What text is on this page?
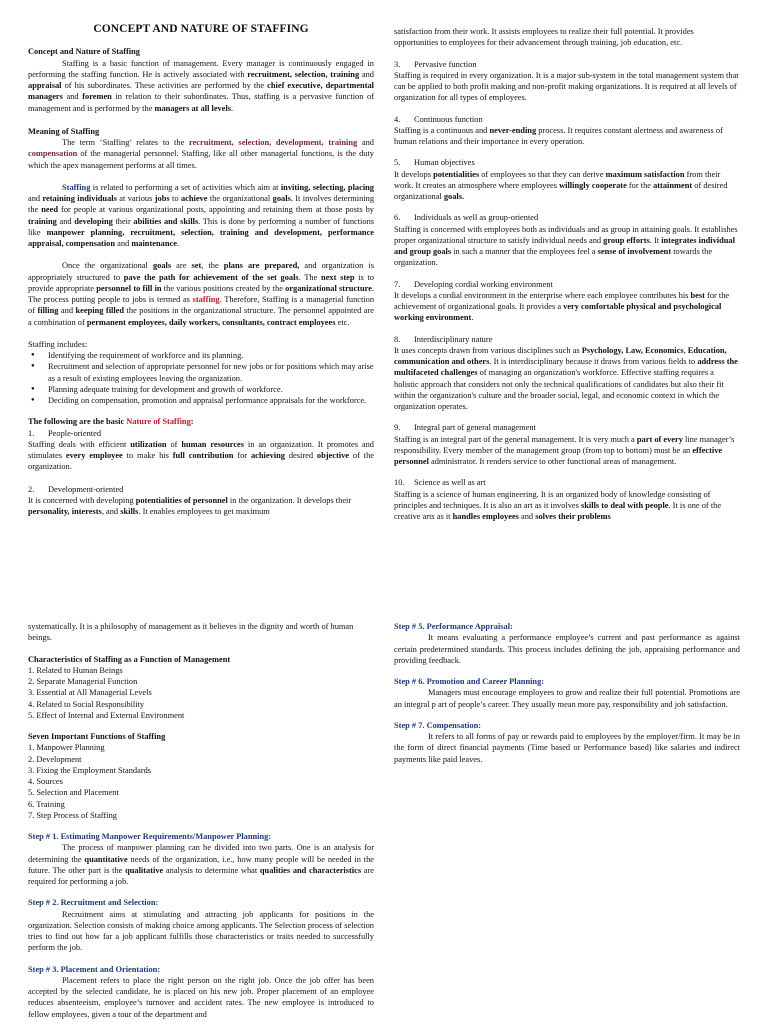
CONCEPT AND NATURE OF STAFFING

Concept and Nature of Staffing

Staffing is a basic function of management. Every manager is continuously engaged in performing the staffing function. He is actively associated with recruitment, selection, training and appraisal of his subordinates. These activities are performed by the chief executive, departmental managers and foremen in relation to their subordinates. Thus, staffing is a pervasive function of management and is performed by the managers at all levels.

Meaning of Staffing

The term ‘Staffing’ relates to the recruitment, selection, development, training and compensation of the managerial personnel. Staffing, like all other managerial functions, is the duty which the apex management performs at all times.

Staffing is related to performing a set of activities which aim at inviting, selecting, placing and retaining individuals at various jobs to achieve the organizational goals. It involves determining the need for people at various organizational posts, appointing and retaining them at those posts by training and developing their abilities and skills. This is done by performing a number of functions like manpower planning, recruitment, selection, training and development, performance appraisal, compensation and maintenance.

Once the organizational goals are set, the plans are prepared, and organization is appropriately structured to pave the path for achievement of the set goals. The next step is to provide appropriate personnel to fill in the various positions created by the organizational structure. The process putting people to jobs is termed as staffing. Therefore, Staffing is a managerial function of filling and keeping filled the positions in the organizational structure. The personnel appointed are a combination of permanent employees, daily workers, consultants, contract employees etc.

Staffing includes:

● Identifying the requirement of workforce and its planning.
● Recruitment and selection of appropriate personnel for new jobs or for positions which may arise as a result of existing employees leaving the organization.
● Planning adequate training for development and growth of workforce.
● Deciding on compensation, promotion and appraisal performance appraisals for the workforce.

The following are the basic Nature of Staffing:

1. People-oriented

Staffing deals with efficient utilization of human resources in an organization. It promotes and stimulates every employee to make his full contribution for achieving desired objective of the organization.

2. Development-oriented

It is concerned with developing potentialities of personnel in the organization. It develops their personality, interests, and skills. It enables employees to get maximum

satisfaction from their work. It assists employees to realize their full potential. It provides opportunities to employees for their advancement through training, job education, etc.

3. Pervasive function

Staffing is required in every organization. It is a major sub-system in the total management system that can be applied to both profit making and non-profit making organizations. It is required at all levels of organization for all types of employees.

4. Continuous function

Staffing is a continuous and never-ending process. It requires constant alertness and awareness of human relations and their importance in every operation.

5. Human objectives

It develops potentialities of employees so that they can derive maximum satisfaction from their work. It creates an atmosphere where employees willingly cooperate for the attainment of desired organizational goals.

6. Individuals as well as group-oriented

Staffing is concerned with employees both as individuals and as group in attaining goals. It establishes proper organizational structure to satisfy individual needs and group efforts. It integrates individual and group goals in such a manner that the employees feel a sense of involvement towards the organization.

7. Developing cordial working environment

It develops a cordial environment in the enterprise where each employee contributes his best for the achievement of organizational goals. It provides a very comfortable physical and psychological working environment.

8. Interdisciplinary nature

It uses concepts drawn from various disciplines such as Psychology, Law, Economics, Education, communication and others. It is interdisciplinary because it draws from various fields to address the multifaceted challenges of managing an organization's workforce. Effective staffing requires a holistic approach that considers not only the technical qualifications of candidates but also their fit within the organization's culture and the broader social, legal, and economic context in which the organization operates.

9. Integral part of general management

Staffing is an integral part of the general management. It is very much a part of every line manager’s responsibility. Every member of the management group (from top to bottom) must be an effective personnel administrator. It renders service to other functional areas of management.

10. Science as well as art

Staffing is a science of human engineering. It is an organized body of knowledge consisting of principles and techniques. It is also an art as it involves skills to deal with people. It is one of the creative arts as it handles employees and solves their problems

systematically. It is a philosophy of management as it believes in the dignity and worth of human beings.

Characteristics of Staffing as a Function of Management

1. Related to Human Beings

2. Separate Managerial Function

3. Essential at All Managerial Levels

4. Related to Social Responsibility

5. Effect of Internal and External Environment

Seven Important Functions of Staffing

1. Manpower Planning

2. Development

3. Fixing the Employment Standards

4. Sources

5. Selection and Placement

6. Training

7. Step Process of Staffing

Step # 1. Estimating Manpower Requirements/Manpower Planning:

The process of manpower planning can be divided into two parts. One is an analysis for determining the quantitative needs of the organization, i.e., how many people will be needed in the future. The other part is the qualitative analysis to determine what qualities and characteristics are required for performing a job.

Step # 2. Recruitment and Selection:

Recruitment aims at stimulating and attracting job applicants for positions in the organization. Selection consists of making choice among applicants. The Selection process of selection tries to find out how far a job applicant fulfills those characteristics or traits needed to successfully perform the job.

Step # 3. Placement and Orientation:

Placement refers to place the right person on the right job. Once the job offer has been accepted by the selected candidate, he is placed on his new job. Proper placement of an employee reduces absenteeism, employee’s turnover and accident rates. The new employee is introduced to fellow employees, given a tour of the department and

Step # 5. Performance Appraisal:

It means evaluating a performance employee’s current and past performance as against certain predetermined standards. This process includes defining the job, appraising performance and providing feedback.

Step # 6. Promotion and Career Planning:

Managers must encourage employees to grow and realize their full potential. Promotions are an integral p art of people’s career. They usually mean more pay, responsibility and job satisfaction.

Step # 7. Compensation:

It refers to all forms of pay or rewards paid to employees by the employer/firm. It may be in the form of direct financial payments (Time based or Performance based) like salaries and indirect payments like paid leaves.
